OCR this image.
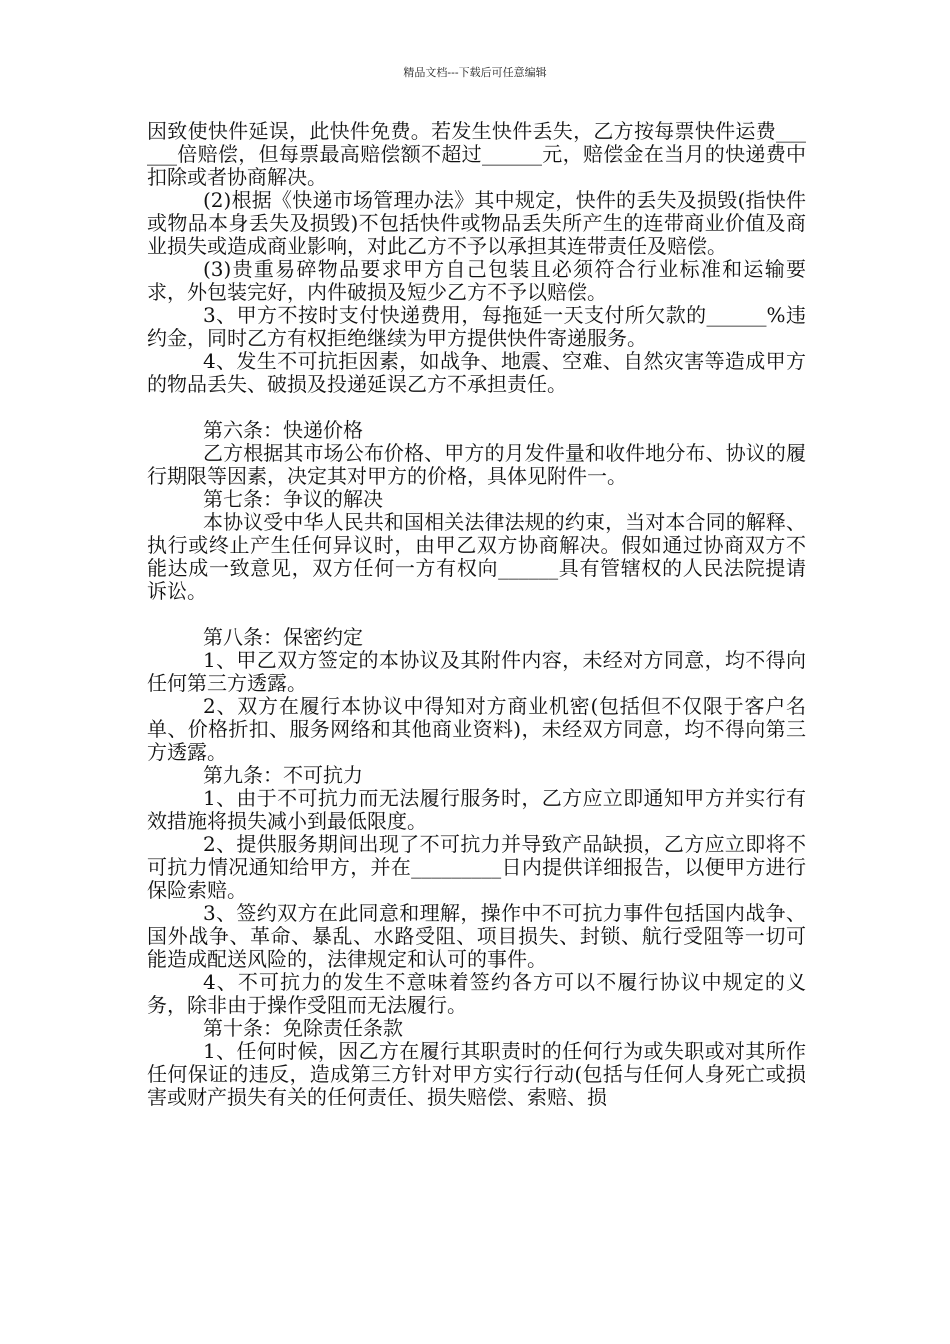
精品文档---下载后可任意编辑

因致使快件延误，此快件免费。若发生快件丢失，乙方按每票快件运费______倍赔偿，但每票最高赔偿额不超过______元，赔偿金在当月的快递费中扣除或者协商解决。

(2)根据《快递市场管理办法》其中规定，快件的丢失及损毁(指快件或物品本身丢失及损毁)不包括快件或物品丢失所产生的连带商业价值及商业损失或造成商业影响，对此乙方不予以承担其连带责任及赔偿。

(3)贵重易碎物品要求甲方自己包装且必须符合行业标准和运输要求，外包装完好，内件破损及短少乙方不予以赔偿。

3、甲方不按时支付快递费用，每拖延一天支付所欠款的______%违约金，同时乙方有权拒绝继续为甲方提供快件寄递服务。

4、发生不可抗拒因素，如战争、地震、空难、自然灾害等造成甲方的物品丢失、破损及投递延误乙方不承担责任。

第六条：快递价格

乙方根据其市场公布价格、甲方的月发件量和收件地分布、协议的履行期限等因素，决定其对甲方的价格，具体见附件一。

第七条：争议的解决

本协议受中华人民共和国相关法律法规的约束，当对本合同的解释、执行或终止产生任何异议时，由甲乙双方协商解决。假如通过协商双方不能达成一致意见，双方任何一方有权向______具有管辖权的人民法院提请诉讼。

第八条：保密约定

1、甲乙双方签定的本协议及其附件内容，未经对方同意，均不得向任何第三方透露。

2、双方在履行本协议中得知对方商业机密(包括但不仅限于客户名单、价格折扣、服务网络和其他商业资料)，未经双方同意，均不得向第三方透露。

第九条：不可抗力

1、由于不可抗力而无法履行服务时，乙方应立即通知甲方并实行有效措施将损失减小到最低限度。

2、提供服务期间出现了不可抗力并导致产品缺损，乙方应立即将不可抗力情况通知给甲方，并在_________日内提供详细报告，以便甲方进行保险索赔。

3、签约双方在此同意和理解，操作中不可抗力事件包括国内战争、国外战争、革命、暴乱、水路受阻、项目损失、封锁、航行受阻等一切可能造成配送风险的，法律规定和认可的事件。

4、不可抗力的发生不意味着签约各方可以不履行协议中规定的义务，除非由于操作受阻而无法履行。

第十条：免除责任条款

1、任何时候，因乙方在履行其职责时的任何行为或失职或对其所作任何保证的违反，造成第三方针对甲方实行行动(包括与任何人身死亡或损害或财产损失有关的任何责任、损失赔偿、索赔、损
